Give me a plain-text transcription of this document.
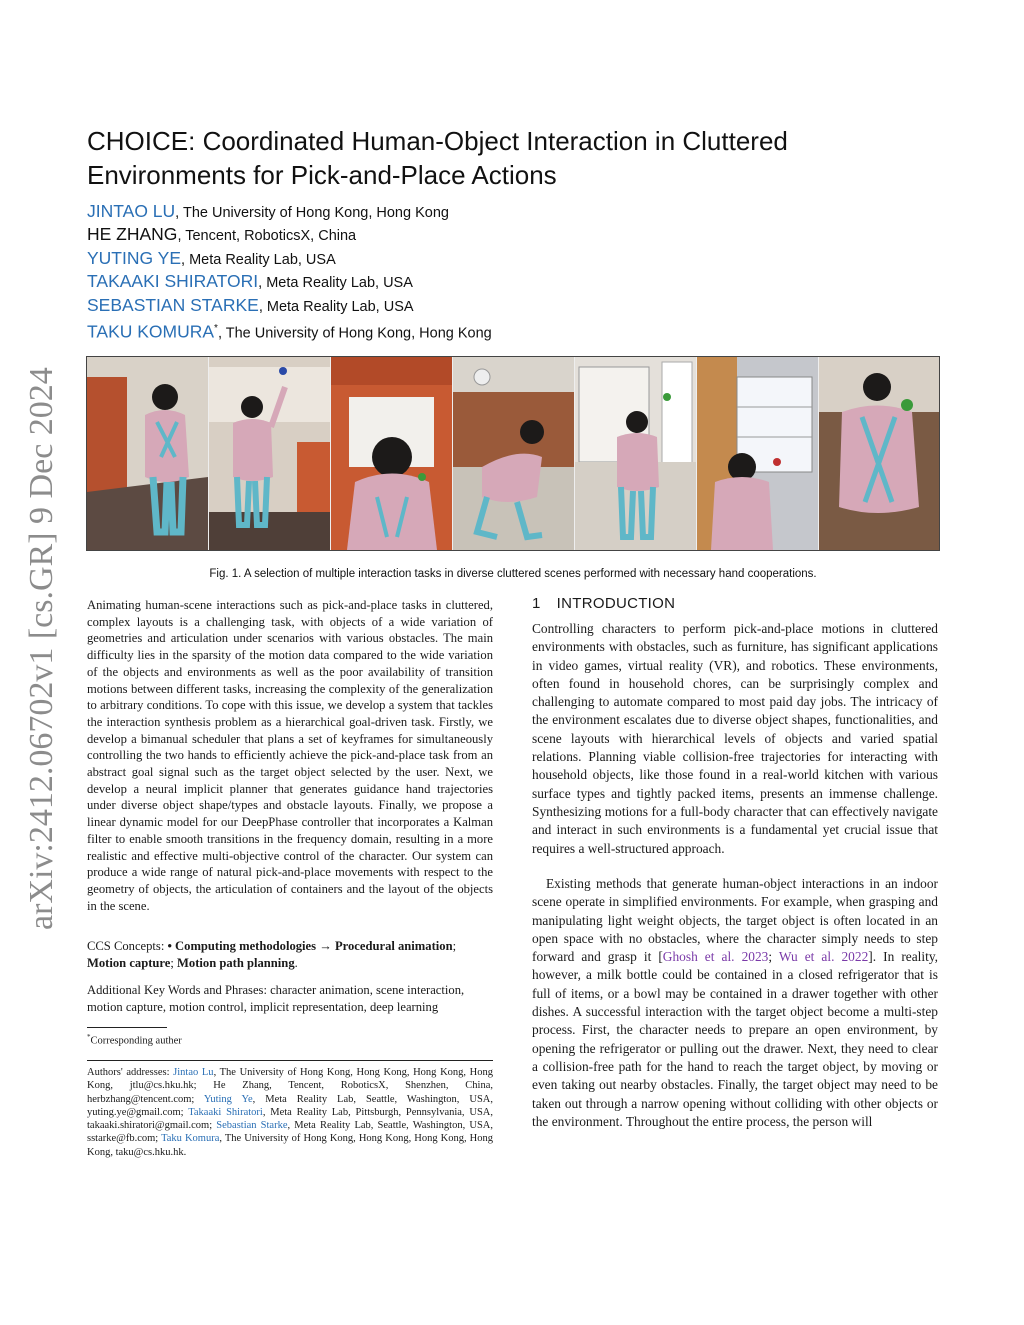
arXiv:2412.06702v1 [cs.GR] 9 Dec 2024
CHOICE: Coordinated Human-Object Interaction in Cluttered Environments for Pick-and-Place Actions
JINTAO LU, The University of Hong Kong, Hong Kong
HE ZHANG, Tencent, RoboticsX, China
YUTING YE, Meta Reality Lab, USA
TAKAAKI SHIRATORI, Meta Reality Lab, USA
SEBASTIAN STARKE, Meta Reality Lab, USA
TAKU KOMURA*, The University of Hong Kong, Hong Kong
Fig. 1. A selection of multiple interaction tasks in diverse cluttered scenes performed with necessary hand cooperations.

Animating human-scene interactions such as pick-and-place tasks in cluttered, complex layouts is a challenging task, with objects of a wide variation of geometries and articulation under scenarios with various obstacles. The main difficulty lies in the sparsity of the motion data compared to the wide variation of the objects and environments as well as the poor availability of transition motions between different tasks, increasing the complexity of the generalization to arbitrary conditions. To cope with this issue, we develop a system that tackles the interaction synthesis problem as a hierarchical goal-driven task. Firstly, we develop a bimanual scheduler that plans a set of keyframes for simultaneously controlling the two hands to efficiently achieve the pick-and-place task from an abstract goal signal such as the target object selected by the user. Next, we develop a neural implicit planner that generates guidance hand trajectories under diverse object shape/types and obstacle layouts. Finally, we propose a linear dynamic model for our DeepPhase controller that incorporates a Kalman filter to enable smooth transitions in the frequency domain, resulting in a more realistic and effective multi-objective control of the character. Our system can produce a wide range of natural pick-and-place movements with respect to the geometry of objects, the articulation of containers and the layout of the objects in the scene.

CCS Concepts: • Computing methodologies → Procedural animation; Motion capture; Motion path planning.

Additional Key Words and Phrases: character animation, scene interaction, motion capture, motion control, implicit representation, deep learning

*Corresponding auther

Authors' addresses: Jintao Lu, The University of Hong Kong, Hong Kong, Hong Kong, Hong Kong, jtlu@cs.hku.hk; He Zhang, Tencent, RoboticsX, Shenzhen, China, herbzhang@tencent.com; Yuting Ye, Meta Reality Lab, Seattle, Washington, USA, yuting.ye@gmail.com; Takaaki Shiratori, Meta Reality Lab, Pittsburgh, Pennsylvania, USA, takaaki.shiratori@gmail.com; Sebastian Starke, Meta Reality Lab, Seattle, Washington, USA, sstarke@fb.com; Taku Komura, The University of Hong Kong, Hong Kong, Hong Kong, Hong Kong, taku@cs.hku.hk.

1 INTRODUCTION

Controlling characters to perform pick-and-place motions in cluttered environments with obstacles, such as furniture, has significant applications in video games, virtual reality (VR), and robotics. These environments, often found in household chores, can be surprisingly complex and challenging to automate compared to most paid day jobs. The intricacy of the environment escalates due to diverse object shapes, functionalities, and scene layouts with hierarchical levels of objects and varied spatial relations. Planning viable collision-free trajectories for interacting with household objects, like those found in a real-world kitchen with various surface types and tightly packed items, presents an immense challenge. Synthesizing motions for a full-body character that can effectively navigate and interact in such environments is a fundamental yet crucial issue that requires a well-structured approach.

Existing methods that generate human-object interactions in an indoor scene operate in simplified environments. For example, when grasping and manipulating light weight objects, the target object is often located in an open space with no obstacles, where the character simply needs to step forward and grasp it [Ghosh et al. 2023; Wu et al. 2022]. In reality, however, a milk bottle could be contained in a closed refrigerator that is full of items, or a bowl may be contained in a drawer together with other dishes. A successful interaction with the target object become a multi-step process. First, the character needs to prepare an open environment, by opening the refrigerator or pulling out the drawer. Next, they need to clear a collision-free path for the hand to reach the target object, by moving or even taking out nearby obstacles. Finally, the target object may need to be taken out through a narrow opening without colliding with other objects or the environment. Throughout the entire process, the person will
